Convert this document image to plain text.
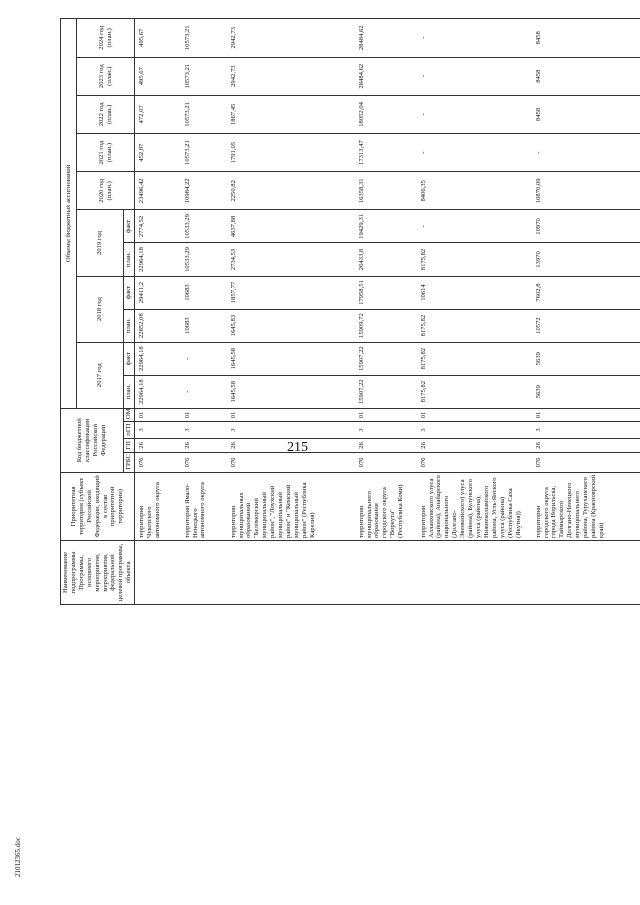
215
Наименование подпрограммы Программы, основного мероприятия, мероприятия, федеральной целевой программы, объекта	Приоритетная территория (субъект Российской Федерации, входящий в состав приоритетной территории)	Код бюджетной классификации Российской Федерации				Объемы бюджетных ассигнований										
						2017 год		2018 год		2019 год		2020 год (план.)	2021 год (план.)	2022 год (план.)	2023 год (план.)	2024 год (план.)
		ГРБС	ГП	пГП	ОМ	план.	факт	план.	факт	план.	факт					
	территории Чукотского автономного округа	076	26	3	01	22964,18	22964,18	22852,08	29411,2	22964,18	2774,52	23496,42	452,87	472,07	495,67	495,67
	территории Ямало-Ненецкого автономного округа	076	26	3	01	-	-	10683	10683	10533,29	10533,29	10984,22	10573,21	10573,21	10573,21	10573,21
	территории муниципальных образований "Беломорский муниципальный район", "Лоухский муниципальный район" и "Кемский муниципальный район" (Республика Карелия)	076	26	3	01	1645,58	1645,58	1645,83	1857,77	2734,53	4637,88	2250,82	1791,05	1867,45	2942,73	2942,73
	территории муниципального образования городского округа "Воркута" (Республика Коми)	076	26	3	01	15907,22	15907,22	15909,72	17958,51	26433,8	19429,31	16358,31	17313,47	18052,04	28484,62	28484,62
	территории Аллаиховского улуса (района), Анабарского национального (Долгано-Эвенкийского) улуса (района), Булунского улуса (района), Нижнеколымского района, Усть-Янского улуса (района) (Республика Саха (Якутия))	076	26	3	01	8175,82	8175,82	8175,82	10614	8175,82	-	8406,35	-	-	-	-
	территории городского округа города Норильска, Таймырского Долгано-Ненецкого муниципального района, Туруханского района (Красноярский край)	076	26	3	01	5639	5639	10572	7602,8	13970	10970	10870,09	-	8458	8458	8458
21012365.doc
